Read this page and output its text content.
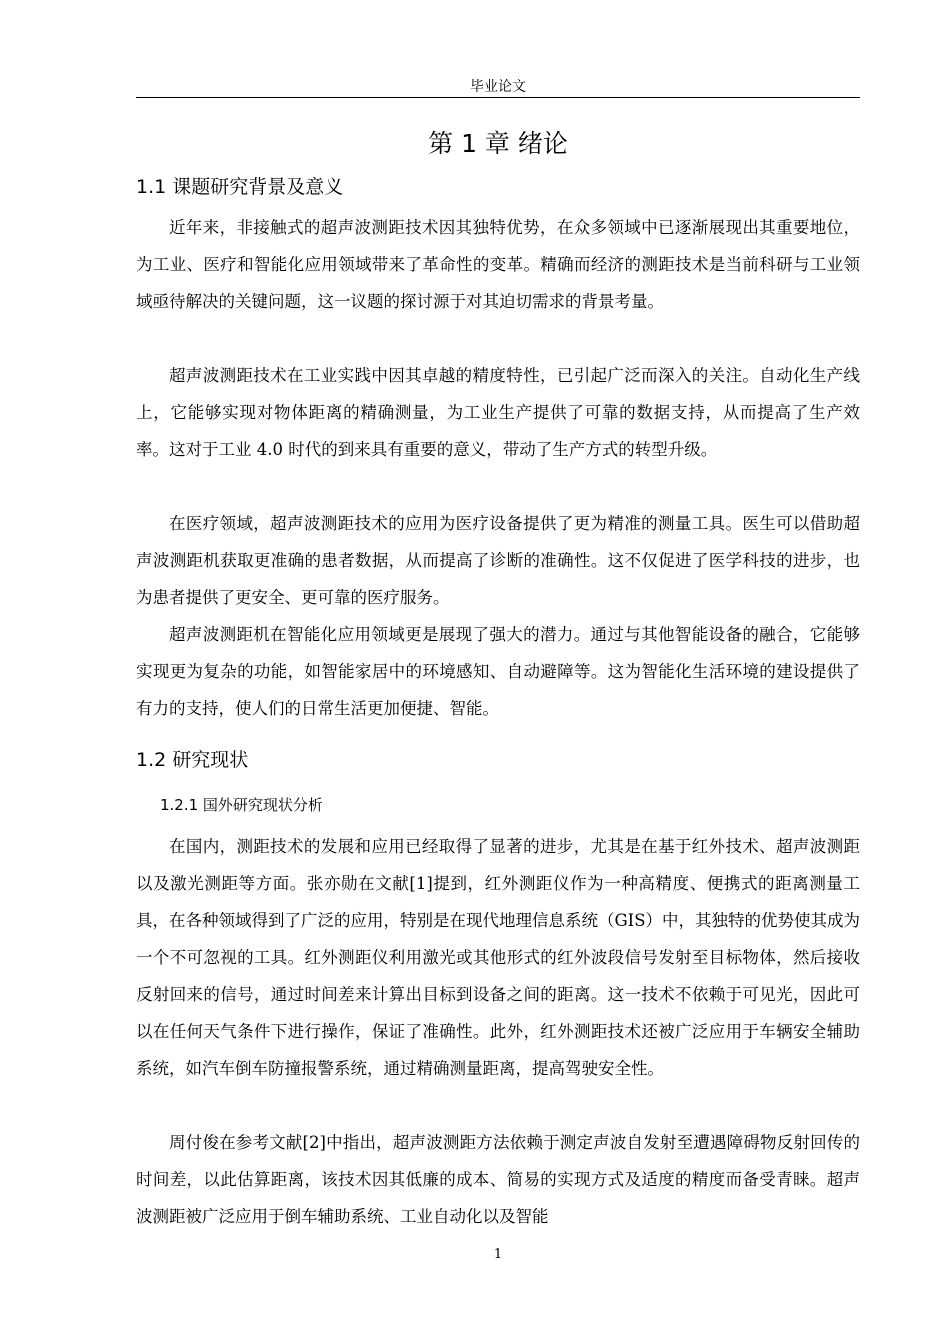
毕业论文
第 1 章 绪论
1.1 课题研究背景及意义

近年来，非接触式的超声波测距技术因其独特优势，在众多领域中已逐渐展现出其重要地位，为工业、医疗和智能化应用领域带来了革命性的变革。精确而经济的测距技术是当前科研与工业领域亟待解决的关键问题，这一议题的探讨源于对其迫切需求的背景考量。

超声波测距技术在工业实践中因其卓越的精度特性，已引起广泛而深入的关注。自动化生产线上，它能够实现对物体距离的精确测量，为工业生产提供了可靠的数据支持，从而提高了生产效率。这对于工业 4.0 时代的到来具有重要的意义，带动了生产方式的转型升级。

在医疗领域，超声波测距技术的应用为医疗设备提供了更为精准的测量工具。医生可以借助超声波测距机获取更准确的患者数据，从而提高了诊断的准确性。这不仅促进了医学科技的进步，也为患者提供了更安全、更可靠的医疗服务。

超声波测距机在智能化应用领域更是展现了强大的潜力。通过与其他智能设备的融合，它能够实现更为复杂的功能，如智能家居中的环境感知、自动避障等。这为智能化生活环境的建设提供了有力的支持，使人们的日常生活更加便捷、智能。

1.2 研究现状
1.2.1 国外研究现状分析

在国内，测距技术的发展和应用已经取得了显著的进步，尤其是在基于红外技术、超声波测距以及激光测距等方面。张亦勋在文献[1]提到，红外测距仪作为一种高精度、便携式的距离测量工具，在各种领域得到了广泛的应用，特别是在现代地理信息系统（GIS）中，其独特的优势使其成为一个不可忽视的工具。红外测距仪利用激光或其他形式的红外波段信号发射至目标物体，然后接收反射回来的信号，通过时间差来计算出目标到设备之间的距离。这一技术不依赖于可见光，因此可以在任何天气条件下进行操作，保证了准确性。此外，红外测距技术还被广泛应用于车辆安全辅助系统，如汽车倒车防撞报警系统，通过精确测量距离，提高驾驶安全性。

周付俊在参考文献[2]中指出，超声波测距方法依赖于测定声波自发射至遭遇障碍物反射回传的时间差，以此估算距离，该技术因其低廉的成本、简易的实现方式及适度的精度而备受青睐。超声波测距被广泛应用于倒车辅助系统、工业自动化以及智能

1
